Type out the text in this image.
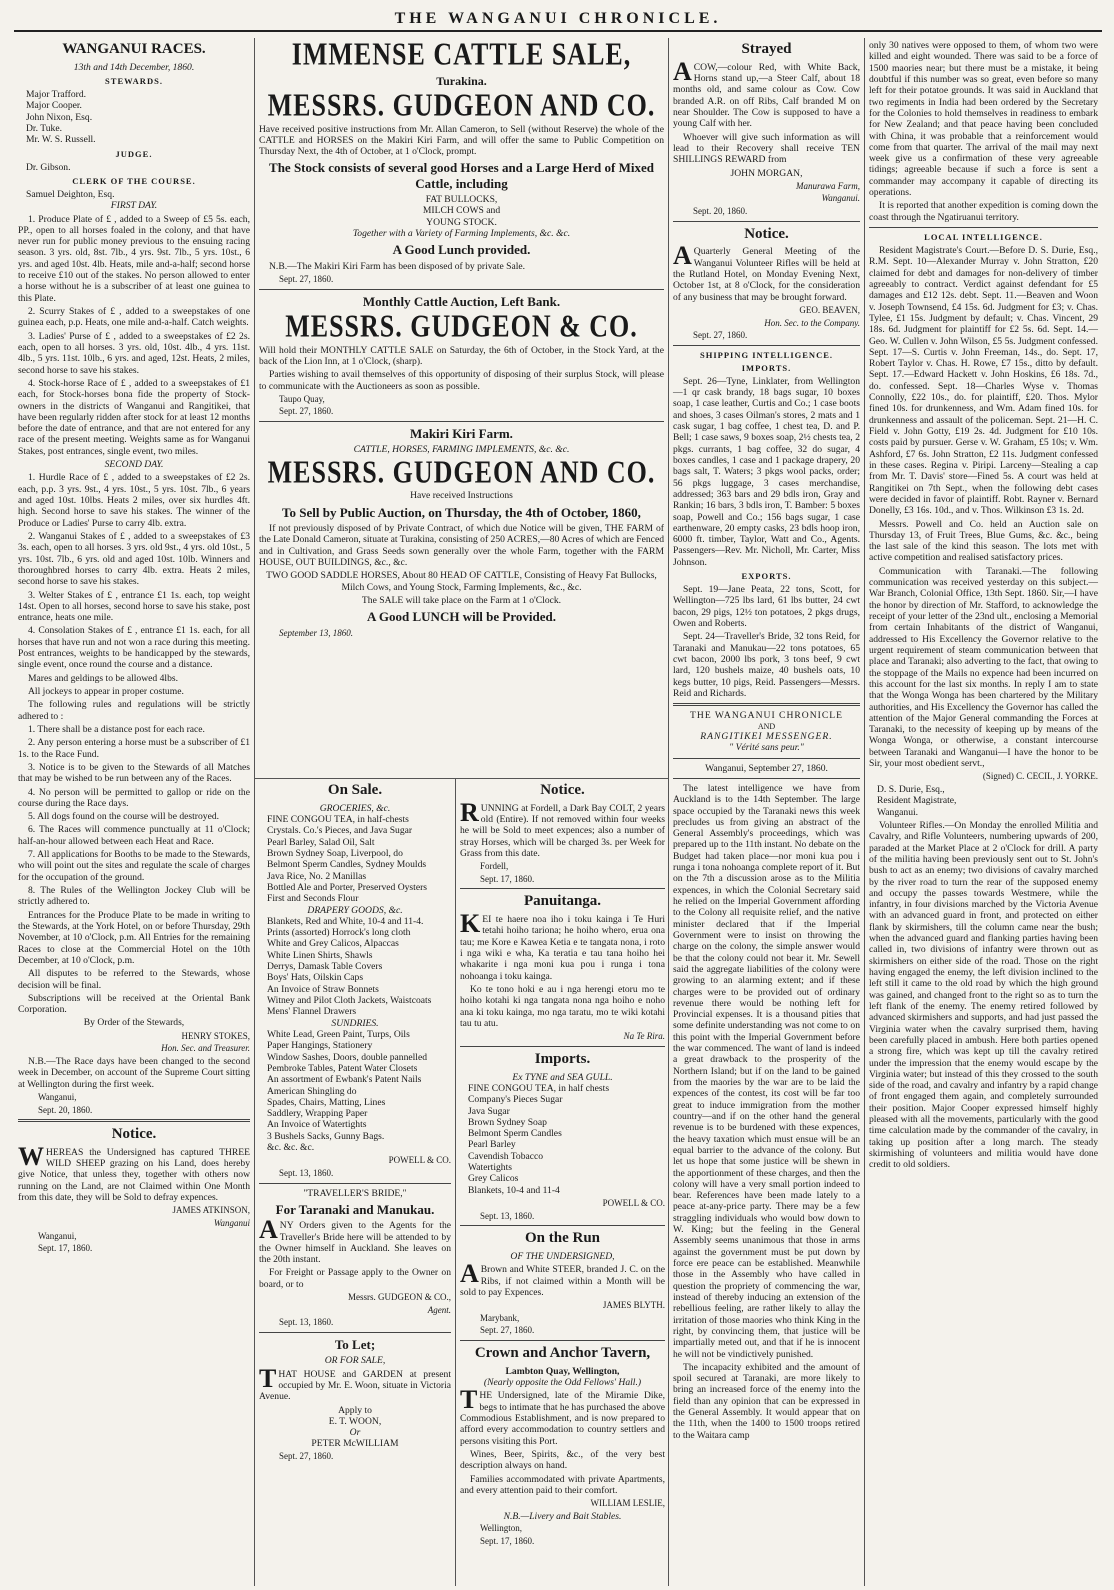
THE WANGANUI CHRONICLE.
WANGANUI RACES.
13th and 14th December, 1860.
STEWARDS.
Major Trafford.
Major Cooper.
John Nixon, Esq.
Dr. Tuke.
Mr. W. S. Russell.
JUDGE.
Dr. Gibson.
CLERK OF THE COURSE.
Samuel Deighton, Esq.
FIRST DAY.

1. Produce Plate of £ , added to a Sweep of £5 5s. each, PP., open to all horses foaled in the colony, and that have never run for public money previous to the ensuing racing season. 3 yrs. old, 8st. 7lb., 4 yrs. 9st. 7lb., 5 yrs. 10st., 6 yrs. and aged 10st. 4lb. Heats, mile and-a-half; second horse to receive £10 out of the stakes. No person allowed to enter a horse without he is a subscriber of at least one guinea to this Plate.

2. Scurry Stakes of £ , added to a sweepstakes of one guinea each, p.p. Heats, one mile and-a-half. Catch weights.

3. Ladies' Purse of £ , added to a sweepstakes of £2 2s. each, open to all horses. 3 yrs. old, 10st. 4lb., 4 yrs. 11st. 4lb., 5 yrs. 11st. 10lb., 6 yrs. and aged, 12st. Heats, 2 miles, second horse to save his stakes.

4. Stock-horse Race of £ , added to a sweepstakes of £1 each, for Stock-horses bona fide the property of Stock-owners in the districts of Wanganui and Rangitikei, that have been regularly ridden after stock for at least 12 months before the date of entrance, and that are not entered for any race of the present meeting. Weights same as for Wanganui Stakes, post entrances, single event, two miles.

SECOND DAY.

1. Hurdle Race of £ , added to a sweepstakes of £2 2s. each, p.p. 3 yrs. 9st., 4 yrs. 10st., 5 yrs. 10st. 7lb., 6 years and aged 10st. 10lbs. Heats 2 miles, over six hurdles 4ft. high. Second horse to save his stakes. The winner of the Produce or Ladies' Purse to carry 4lb. extra.

2. Wanganui Stakes of £ , added to a sweepstakes of £3 3s. each, open to all horses. 3 yrs. old 9st., 4 yrs. old 10st., 5 yrs. 10st. 7lb., 6 yrs. old and aged 10st. 10lb. Winners and thoroughbred horses to carry 4lb. extra. Heats 2 miles, second horse to save his stakes.

3. Welter Stakes of £ , entrance £1 1s. each, top weight 14st. Open to all horses, second horse to save his stake, post entrance, heats one mile.

4. Consolation Stakes of £ , entrance £1 1s. each, for all horses that have run and not won a race during this meeting. Post entrances, weights to be handicapped by the stewards, single event, once round the course and a distance.

Mares and geldings to be allowed 4lbs.

All jockeys to appear in proper costume.

The following rules and regulations will be strictly adhered to :

1. There shall be a distance post for each race.

2. Any person entering a horse must be a subscriber of £1 1s. to the Race Fund.

3. Notice is to be given to the Stewards of all Matches that may be wished to be run between any of the Races.

4. No person will be permitted to gallop or ride on the course during the Race days.

5. All dogs found on the course will be destroyed.

6. The Races will commence punctually at 11 o'Clock; half-an-hour allowed between each Heat and Race.

7. All applications for Booths to be made to the Stewards, who will point out the sites and regulate the scale of charges for the occupation of the ground.

8. The Rules of the Wellington Jockey Club will be strictly adhered to.

Entrances for the Produce Plate to be made in writing to the Stewards, at the York Hotel, on or before Thursday, 29th November, at 10 o'Clock, p.m. All Entries for the remaining Races to close at the Commercial Hotel on the 10th December, at 10 o'Clock, p.m.

All disputes to be referred to the Stewards, whose decision will be final.

Subscriptions will be received at the Oriental Bank Corporation.

By Order of the Stewards,
HENRY STOKES,
Hon. Sec. and Treasurer.

N.B.—The Race days have been changed to the second week in December, on account of the Supreme Court sitting at Wellington during the first week.

Wanganui,
Sept. 20, 1860.
Notice.

WHEREAS the Undersigned has captured THREE WILD SHEEP grazing on his Land, does hereby give Notice, that unless they, together with others now running on the Land, are not Claimed within One Month from this date, they will be Sold to defray expences.

JAMES ATKINSON,
Wanganui
Wanganui,
Sept. 17, 1860.
IMMENSE CATTLE SALE,
Turakina.
MESSRS. GUDGEON AND CO.

Have received positive instructions from Mr. Allan Cameron, to Sell (without Reserve) the whole of the CATTLE and HORSES on the Makiri Kiri Farm, and will offer the same to Public Competition on Thursday Next, the 4th of October, at 1 o'Clock, prompt.

The Stock consists of several good Horses and a Large Herd of Mixed Cattle, including
FAT BULLOCKS,
MILCH COWS and
YOUNG STOCK.
Together with a Variety of Farming Implements, &c. &c.
A Good Lunch provided.

N.B.—The Makiri Kiri Farm has been disposed of by private Sale.

Sept. 27, 1860.
Monthly Cattle Auction, Left Bank.
MESSRS. GUDGEON & CO.

Will hold their MONTHLY CATTLE SALE on Saturday, the 6th of October, in the Stock Yard, at the back of the Lion Inn, at 1 o'Clock, (sharp).

Parties wishing to avail themselves of this opportunity of disposing of their surplus Stock, will please to communicate with the Auctioneers as soon as possible.

Taupo Quay,
Sept. 27, 1860.
Makiri Kiri Farm.
CATTLE, HORSES, FARMING IMPLEMENTS, &c. &c.
MESSRS. GUDGEON AND CO.
Have received Instructions
To Sell by Public Auction, on Thursday, the 4th of October, 1860,

If not previously disposed of by Private Contract, of which due Notice will be given, THE FARM of the Late Donald Cameron, situate at Turakina, consisting of 250 ACRES,—80 Acres of which are Fenced and in Cultivation, and Grass Seeds sown generally over the whole Farm, together with the FARM HOUSE, OUT BUILDINGS, &c., &c.

TWO GOOD SADDLE HORSES, About 80 HEAD OF CATTLE, Consisting of Heavy Fat Bullocks, Milch Cows, and Young Stock, Farming Implements, &c., &c.

The SALE will take place on the Farm at 1 o'Clock.
A Good LUNCH will be Provided.
September 13, 1860.
On Sale.
GROCERIES, &c.
FINE CONGOU TEA, in half-chests
Crystals. Co.'s Pieces, and Java Sugar
Pearl Barley, Salad Oil, Salt
Brown Sydney Soap, Liverpool, do
Belmont Sperm Candles, Sydney Moulds
Java Rice, No. 2 Manillas
Bottled Ale and Porter, Preserved Oysters
First and Seconds Flour
DRAPERY GOODS, &c.
Blankets, Red and White, 10-4 and 11-4.
Prints (assorted) Horrock's long cloth
White and Grey Calicos, Alpaccas
White Linen Shirts, Shawls
Derrys, Damask Table Covers
Boys' Hats, Oilskin Caps
An Invoice of Straw Bonnets
Witney and Pilot Cloth Jackets, Waistcoats
Mens' Flannel Drawers
SUNDRIES.
White Lead, Green Paint, Turps, Oils
Paper Hangings, Stationery
Window Sashes, Doors, double pannelled
Pembroke Tables, Patent Water Closets
An assortment of Ewbank's Patent Nails
American Shingling do
Spades, Chairs, Matting, Lines
Saddlery, Wrapping Paper
An Invoice of Watertights
3 Bushels Sacks, Gunny Bags.
&c. &c. &c.
POWELL & CO.
Sept. 13, 1860.
"TRAVELLER'S BRIDE,"
For Taranaki and Manukau.

ANY Orders given to the Agents for the Traveller's Bride here will be attended to by the Owner himself in Auckland. She leaves on the 20th instant.

For Freight or Passage apply to the Owner on board, or to

Messrs. GUDGEON & CO.,
Agent.
Sept. 13, 1860.
To Let;
OR FOR SALE,

THAT HOUSE and GARDEN at present occupied by Mr. E. Woon, situate in Victoria Avenue.

Apply to
E. T. WOON,
Or
PETER McWILLIAM
Sept. 27, 1860.
Notice.

RUNNING at Fordell, a Dark Bay COLT, 2 years old (Entire). If not removed within four weeks he will be Sold to meet expences; also a number of stray Horses, which will be charged 3s. per Week for Grass from this date.

Fordell,
Sept. 17, 1860.
Panuitanga.

KEI te haere noa iho i toku kainga i Te Huri tetahi hoiho tariona; he hoiho whero, erua ona tau; me Kore e Kawea Ketia e te tangata nona, i roto i nga wiki e wha, Ka teratia e tau tana hoiho hei whakarite i nga moni kua pou i runga i tona nohoanga i toku kainga.

Ko te tono hoki e au i nga herengi etoru mo te hoiho kotahi ki nga tangata nona nga hoiho e noho ana ki toku kainga, mo nga taratu, mo te wiki kotahi tau tu atu.

Na Te Rira.
Imports.
Ex TYNE and SEA GULL.
FINE CONGOU TEA, in half chests
Company's Pieces Sugar
Java Sugar
Brown Sydney Soap
Belmont Sperm Candles
Pearl Barley
Cavendish Tobacco
Watertights
Grey Calicos
Blankets, 10-4 and 11-4
POWELL & CO.
Sept. 13, 1860.
On the Run
OF THE UNDERSIGNED,

ABrown and White STEER, branded J. C. on the Ribs, if not claimed within a Month will be sold to pay Expences.

JAMES BLYTH.
Marybank,
Sept. 27, 1860.
Crown and Anchor Tavern,
Lambton Quay, Wellington,
(Nearly opposite the Odd Fellows' Hall.)

THE Undersigned, late of the Miramie Dike, begs to intimate that he has purchased the above Commodious Establishment, and is now prepared to afford every accommodation to country settlers and persons visiting this Port.

Wines, Beer, Spirits, &c., of the very best description always on hand.

Families accommodated with private Apartments, and every attention paid to their comfort.

WILLIAM LESLIE,
N.B.—Livery and Bait Stables.
Wellington,
Sept. 17, 1860.
Strayed

ACOW,—colour Red, with White Back, Horns stand up,—a Steer Calf, about 18 months old, and same colour as Cow. Cow branded A.R. on off Ribs, Calf branded M on near Shoulder. The Cow is supposed to have a young Calf with her.

Whoever will give such information as will lead to their Recovery shall receive TEN SHILLINGS REWARD from

JOHN MORGAN,
Manurawa Farm,
Wanganui.
Sept. 20, 1860.
Notice.

AQuarterly General Meeting of the Wanganui Volunteer Rifles will be held at the Rutland Hotel, on Monday Evening Next, October 1st, at 8 o'Clock, for the consideration of any business that may be brought forward.

GEO. BEAVEN,
Hon. Sec. to the Company.
Sept. 27, 1860.
SHIPPING INTELLIGENCE.
IMPORTS.

Sept. 26—Tyne, Linklater, from Wellington—1 qr cask brandy, 18 bags sugar, 10 boxes soap, 1 case leather, Curtis and Co.; 1 case boots and shoes, 3 cases Oilman's stores, 2 mats and 1 cask sugar, 1 bag coffee, 1 chest tea, D. and P. Bell; 1 case saws, 9 boxes soap, 2½ chests tea, 2 pkgs. currants, 1 bag coffee, 32 do sugar, 4 boxes candles, 1 case and 1 package drapery, 20 bags salt, T. Waters; 3 pkgs wool packs, order; 56 pkgs luggage, 3 cases merchandise, addressed; 363 bars and 29 bdls iron, Gray and Rankin; 16 bars, 3 bdls iron, T. Bamber: 5 boxes soap, Powell and Co.; 156 bags sugar, 1 case earthenware, 20 empty casks, 23 bdls hoop iron, 6000 ft. timber, Taylor, Watt and Co., Agents. Passengers—Rev. Mr. Nicholl, Mr. Carter, Miss Johnson.

EXPORTS.

Sept. 19—Jane Peata, 22 tons, Scott, for Wellington—725 lbs lard, 61 lbs butter, 24 cwt bacon, 29 pigs, 12½ ton potatoes, 2 pkgs drugs, Owen and Roberts.

Sept. 24—Traveller's Bride, 32 tons Reid, for Taranaki and Manukau—22 tons potatoes, 65 cwt bacon, 2000 lbs pork, 3 tons beef, 9 cwt lard, 120 bushels maize, 40 bushels oats, 10 kegs butter, 10 pigs, Reid. Passengers—Messrs. Reid and Richards.

THE WANGANUI CHRONICLE
AND
RANGITIKEI MESSENGER.
" Vérité sans peur."
Wanganui, September 27, 1860.

The latest intelligence we have from Auckland is to the 14th September. The large space occupied by the Taranaki news this week precludes us from giving an abstract of the General Assembly's proceedings, which was prepared up to the 11th instant. No debate on the Budget had taken place—nor moni kua pou i runga i tona nohoanga complete report of it. But on the 7th a discussion arose as to the Militia expences, in which the Colonial Secretary said he relied on the Imperial Government affording to the Colony all requisite relief, and the native minister declared that if the Imperial Government were to insist on throwing the charge on the colony, the simple answer would be that the colony could not bear it. Mr. Sewell said the aggregate liabilities of the colony were growing to an alarming extent; and if these charges were to be provided out of ordinary revenue there would be nothing left for Provincial expenses. It is a thousand pities that some definite understanding was not come to on this point with the Imperial Government before the war commenced. The want of land is indeed a great drawback to the prosperity of the Northern Island; but if on the land to be gained from the maories by the war are to be laid the expences of the contest, its cost will be far too great to induce immigration from the mother country—and if on the other hand the general revenue is to be burdened with these expences, the heavy taxation which must ensue will be an equal barrier to the advance of the colony. But let us hope that some justice will be shewn in the apportionment of these charges, and then the colony will have a very small portion indeed to bear. References have been made lately to a peace at-any-price party. There may be a few straggling individuals who would bow down to W. King; but the feeling in the General Assembly seems unanimous that those in arms against the government must be put down by force ere peace can be established. Meanwhile those in the Assembly who have called in question the propriety of commencing the war, instead of thereby inducing an extension of the rebellious feeling, are rather likely to allay the irritation of those maories who think King in the right, by convincing them, that justice will be impartially meted out, and that if he is innocent he will not be vindictively punished.

The incapacity exhibited and the amount of spoil secured at Taranaki, are more likely to bring an increased force of the enemy into the field than any opinion that can be expressed in the General Assembly. It would appear that on the 11th, when the 1400 to 1500 troops retired to the Waitara camp

only 30 natives were opposed to them, of whom two were killed and eight wounded. There was said to be a force of 1500 maories near; but there must be a mistake, it being doubtful if this number was so great, even before so many left for their potatoe grounds. It was said in Auckland that two regiments in India had been ordered by the Secretary for the Colonies to hold themselves in readiness to embark for New Zealand; and that peace having been concluded with China, it was probable that a reinforcement would come from that quarter. The arrival of the mail may next week give us a confirmation of these very agreeable tidings; agreeable because if such a force is sent a commander may accompany it capable of directing its operations.

It is reported that another expedition is coming down the coast through the Ngatiruanui territory.

LOCAL INTELLIGENCE.

Resident Magistrate's Court.—Before D. S. Durie, Esq., R.M. Sept. 10—Alexander Murray v. John Stratton, £20 claimed for debt and damages for non-delivery of timber agreeably to contract. Verdict against defendant for £5 damages and £12 12s. debt. Sept. 11.—Beaven and Woon v. Joseph Townsend, £4 15s. 6d. Judgment for £3; v. Chas. Tylee, £1 15s. Judgment by default; v. Chas. Vincent, 29 18s. 6d. Judgment for plaintiff for £2 5s. 6d. Sept. 14.—Geo. W. Cullen v. John Wilson, £5 5s. Judgment confessed. Sept. 17—S. Curtis v. John Freeman, 14s., do. Sept. 17, Robert Taylor v. Chas. H. Rowe, £7 15s., ditto by default. Sept. 17.—Edward Hackett v. John Hoskins, £6 18s. 7d., do. confessed. Sept. 18—Charles Wyse v. Thomas Connolly, £22 10s., do. for plaintiff, £20. Thos. Mylor fined 10s. for drunkenness, and Wm. Adam fined 10s. for drunkenness and assault of the policeman. Sept. 21—H. C. Field v. John Gotty, £19 2s. 4d. Judgment for £10 10s. costs paid by pursuer. Gerse v. W. Graham, £5 10s; v. Wm. Ashford, £7 6s. John Stratton, £2 11s. Judgment confessed in these cases. Regina v. Piripi. Larceny—Stealing a cap from Mr. T. Davis' store—Fined 5s. A court was held at Rangitikei on 7th Sept., when the following debt cases were decided in favor of plaintiff. Robt. Rayner v. Bernard Donelly, £3 16s. 10d., and v. Thos. Wilkinson £3 1s. 2d.

Messrs. Powell and Co. held an Auction sale on Thursday 13, of Fruit Trees, Blue Gums, &c. &c., being the last sale of the kind this season. The lots met with active competition and realised satisfactory prices.

Communication with Taranaki.—The following communication was received yesterday on this subject.—War Branch, Colonial Office, 13th Sept. 1860. Sir,—I have the honor by direction of Mr. Stafford, to acknowledge the receipt of your letter of the 23nd ult., enclosing a Memorial from certain Inhabitants of the district of Wanganui, addressed to His Excellency the Governor relative to the urgent requirement of steam communication between that place and Taranaki; also adverting to the fact, that owing to the stoppage of the Mails no expence had been incurred on this account for the last six months. In reply I am to state that the Wonga Wonga has been chartered by the Military authorities, and His Excellency the Governor has called the attention of the Major General commanding the Forces at Taranaki, to the necessity of keeping up by means of the Wonga Wonga, or otherwise, a constant intercourse between Taranaki and Wanganui—I have the honor to be Sir, your most obedient servt.,

(Signed) C. CECIL, J. YORKE.
D. S. Durie, Esq.,
Resident Magistrate,
Wanganui.

Volunteer Rifles.—On Monday the enrolled Militia and Cavalry, and Rifle Volunteers, numbering upwards of 200, paraded at the Market Place at 2 o'Clock for drill. A party of the militia having been previously sent out to St. John's bush to act as an enemy; two divisions of cavalry marched by the river road to turn the rear of the supposed enemy and occupy the passes towards Westmere, while the infantry, in four divisions marched by the Victoria Avenue with an advanced guard in front, and protected on either flank by skirmishers, till the column came near the bush; when the advanced guard and flanking parties having been called in, two divisions of infantry were thrown out as skirmishers on either side of the road. Those on the right having engaged the enemy, the left division inclined to the left still it came to the old road by which the high ground was gained, and changed front to the right so as to turn the left flank of the enemy. The enemy retired followed by advanced skirmishers and supports, and had just passed the Virginia water when the cavalry surprised them, having been carefully placed in ambush. Here both parties opened a strong fire, which was kept up till the cavalry retired under the impression that the enemy would escape by the Virginia water; but instead of this they crossed to the south side of the road, and cavalry and infantry by a rapid change of front engaged them again, and completely surrounded their position. Major Cooper expressed himself highly pleased with all the movements, particularly with the good time calculation made by the commander of the cavalry, in taking up position after a long march. The steady skirmishing of volunteers and militia would have done credit to old soldiers.
